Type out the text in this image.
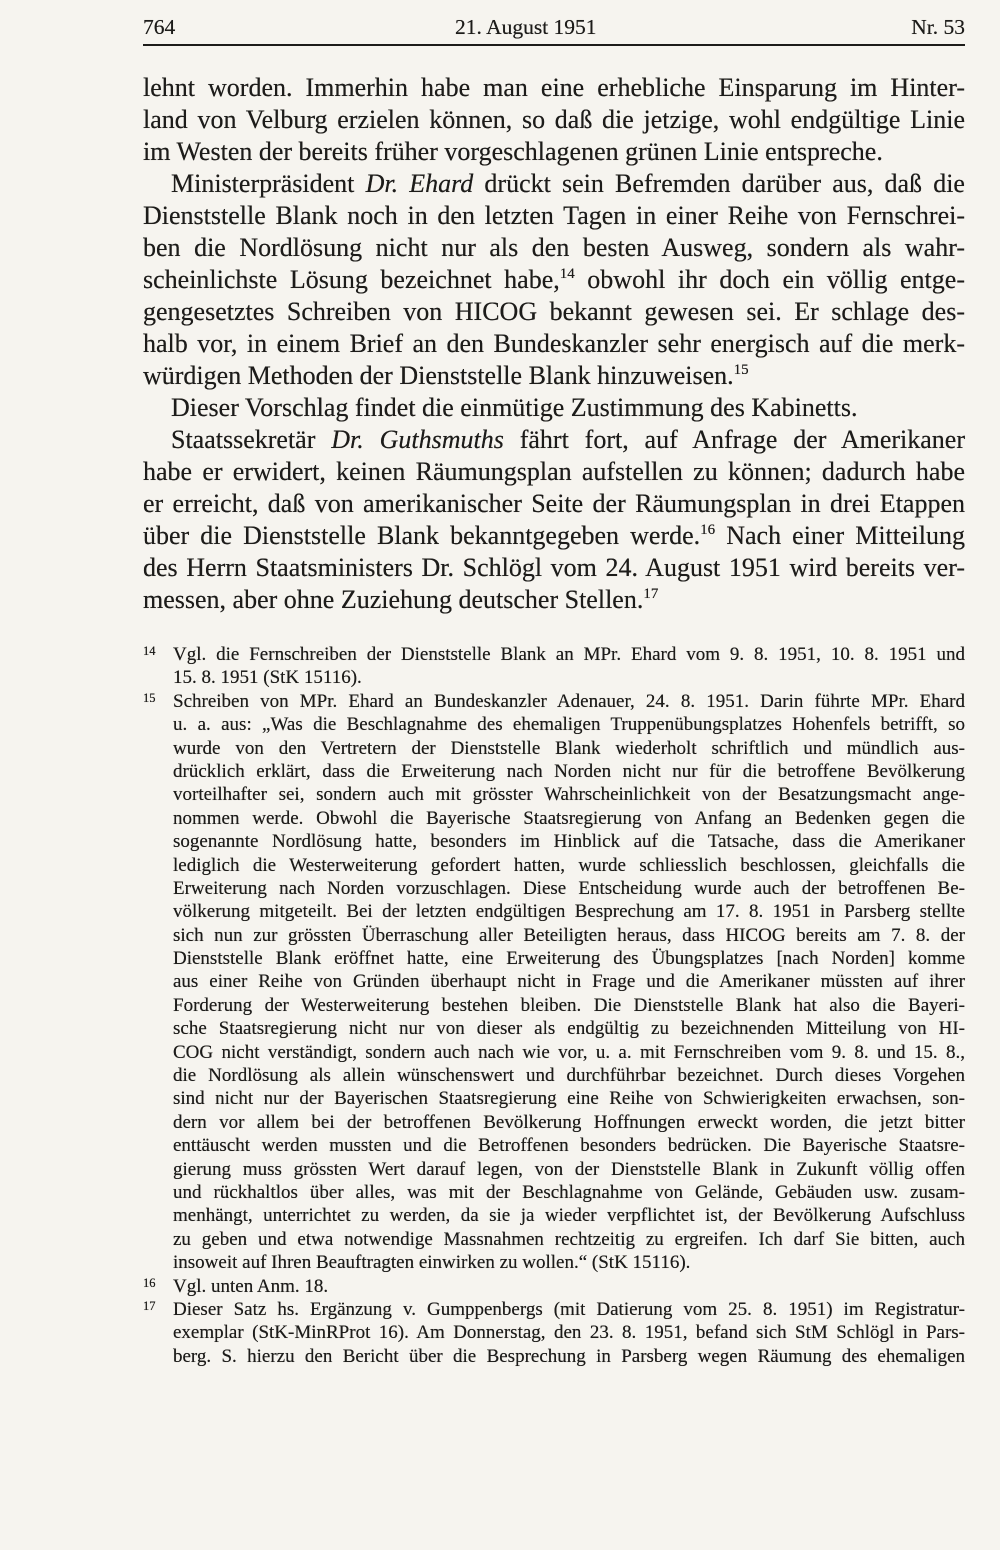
764	21. August 1951	Nr. 53
lehnt worden. Immerhin habe man eine erhebliche Einsparung im Hinter-
land von Velburg erzielen können, so daß die jetzige, wohl endgültige Linie
im Westen der bereits früher vorgeschlagenen grünen Linie entspreche.
Ministerpräsident Dr. Ehard drückt sein Befremden darüber aus, daß die
Dienststelle Blank noch in den letzten Tagen in einer Reihe von Fernschrei-
ben die Nordlösung nicht nur als den besten Ausweg, sondern als wahr-
scheinlichste Lösung bezeichnet habe,$^{14}$ obwohl ihr doch ein völlig entge-
gengesetztes Schreiben von HICOG bekannt gewesen sei. Er schlage des-
halb vor, in einem Brief an den Bundeskanzler sehr energisch auf die merk-
würdigen Methoden der Dienststelle Blank hinzuweisen.$^{15}$
Dieser Vorschlag findet die einmütige Zustimmung des Kabinetts.
Staatssekretär Dr. Guthsmuths fährt fort, auf Anfrage der Amerikaner
habe er erwidert, keinen Räumungsplan aufstellen zu können; dadurch habe
er erreicht, daß von amerikanischer Seite der Räumungsplan in drei Etappen
über die Dienststelle Blank bekanntgegeben werde.$^{16}$ Nach einer Mitteilung
des Herrn Staatsministers Dr. Schlögl vom 24. August 1951 wird bereits ver-
messen, aber ohne Zuziehung deutscher Stellen.$^{17}$
14 Vgl. die Fernschreiben der Dienststelle Blank an MPr. Ehard vom 9. 8. 1951, 10. 8. 1951 und
15. 8. 1951 (StK 15116).
15 Schreiben von MPr. Ehard an Bundeskanzler Adenauer, 24. 8. 1951. Darin führte MPr. Ehard
u. a. aus: „Was die Beschlagnahme des ehemaligen Truppenübungsplatzes Hohenfels betrifft, so
wurde von den Vertretern der Dienststelle Blank wiederholt schriftlich und mündlich aus-
drücklich erklärt, dass die Erweiterung nach Norden nicht nur für die betroffene Bevölkerung
vorteilhafter sei, sondern auch mit grösster Wahrscheinlichkeit von der Besatzungsmacht ange-
nommen werde. Obwohl die Bayerische Staatsregierung von Anfang an Bedenken gegen die
sogenannte Nordlösung hatte, besonders im Hinblick auf die Tatsache, dass die Amerikaner
lediglich die Westerweiterung gefordert hatten, wurde schliesslich beschlossen, gleichfalls die
Erweiterung nach Norden vorzuschlagen. Diese Entscheidung wurde auch der betroffenen Be-
völkerung mitgeteilt. Bei der letzten endgültigen Besprechung am 17. 8. 1951 in Parsberg stellte
sich nun zur grössten Überraschung aller Beteiligten heraus, dass HICOG bereits am 7. 8. der
Dienststelle Blank eröffnet hatte, eine Erweiterung des Übungsplatzes [nach Norden] komme
aus einer Reihe von Gründen überhaupt nicht in Frage und die Amerikaner müssten auf ihrer
Forderung der Westerweiterung bestehen bleiben. Die Dienststelle Blank hat also die Bayeri-
sche Staatsregierung nicht nur von dieser als endgültig zu bezeichnenden Mitteilung von HI-
COG nicht verständigt, sondern auch nach wie vor, u. a. mit Fernschreiben vom 9. 8. und 15. 8.,
die Nordlösung als allein wünschenswert und durchführbar bezeichnet. Durch dieses Vorgehen
sind nicht nur der Bayerischen Staatsregierung eine Reihe von Schwierigkeiten erwachsen, son-
dern vor allem bei der betroffenen Bevölkerung Hoffnungen erweckt worden, die jetzt bitter
enttäuscht werden mussten und die Betroffenen besonders bedrücken. Die Bayerische Staatsre-
gierung muss grössten Wert darauf legen, von der Dienststelle Blank in Zukunft völlig offen
und rückhaltlos über alles, was mit der Beschlagnahme von Gelände, Gebäuden usw. zusam-
menhängt, unterrichtet zu werden, da sie ja wieder verpflichtet ist, der Bevölkerung Aufschluss
zu geben und etwa notwendige Massnahmen rechtzeitig zu ergreifen. Ich darf Sie bitten, auch
insoweit auf Ihren Beauftragten einwirken zu wollen.“ (StK 15116).
16 Vgl. unten Anm. 18.
17 Dieser Satz hs. Ergänzung v. Gumppenbergs (mit Datierung vom 25. 8. 1951) im Registratur-
exemplar (StK-MinRProt 16). Am Donnerstag, den 23. 8. 1951, befand sich StM Schlögl in Pars-
berg. S. hierzu den Bericht über die Besprechung in Parsberg wegen Räumung des ehemaligen
